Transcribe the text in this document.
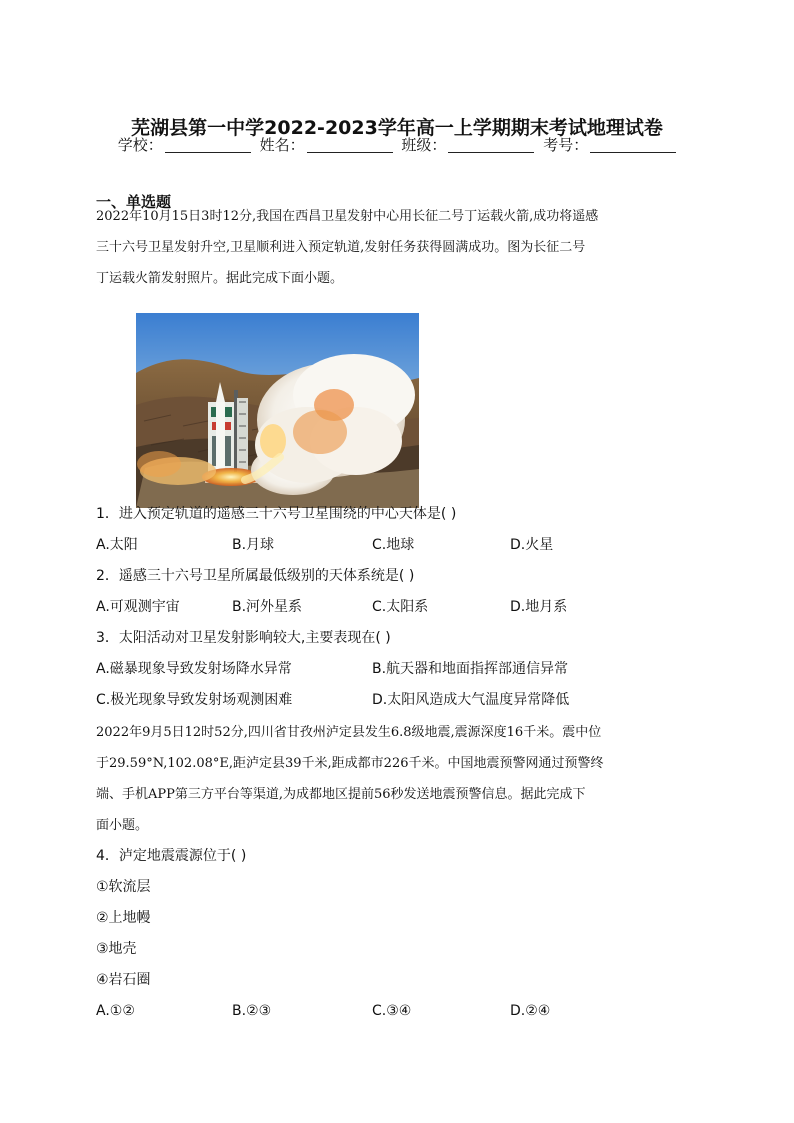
芜湖县第一中学2022-2023学年高一上学期期末考试地理试卷
学校：	姓名：	班级：	考号：
一、单选题
2022年10月15日3时12分,我国在西昌卫星发射中心用长征二号丁运载火箭,成功将遥感
三十六号卫星发射升空,卫星顺利进入预定轨道,发射任务获得圆满成功。图为长征二号
丁运载火箭发射照片。据此完成下面小题。
1．进入预定轨道的遥感三十六号卫星围绕的中心天体是( )
A.太阳	B.月球	C.地球	D.火星
2．遥感三十六号卫星所属最低级别的天体系统是( )
A.可观测宇宙	B.河外星系	C.太阳系	D.地月系
3．太阳活动对卫星发射影响较大,主要表现在( )
A.磁暴现象导致发射场降水异常	B.航天器和地面指挥部通信异常
C.极光现象导致发射场观测困难	D.太阳风造成大气温度异常降低
2022年9月5日12时52分,四川省甘孜州泸定县发生6.8级地震,震源深度16千米。震中位
于29.59°N,102.08°E,距泸定县39千米,距成都市226千米。中国地震预警网通过预警终
端、手机APP第三方平台等渠道,为成都地区提前56秒发送地震预警信息。据此完成下
面小题。
4．泸定地震震源位于( )
①软流层
②上地幔
③地壳
④岩石圈
A.①②	B.②③	C.③④	D.②④
